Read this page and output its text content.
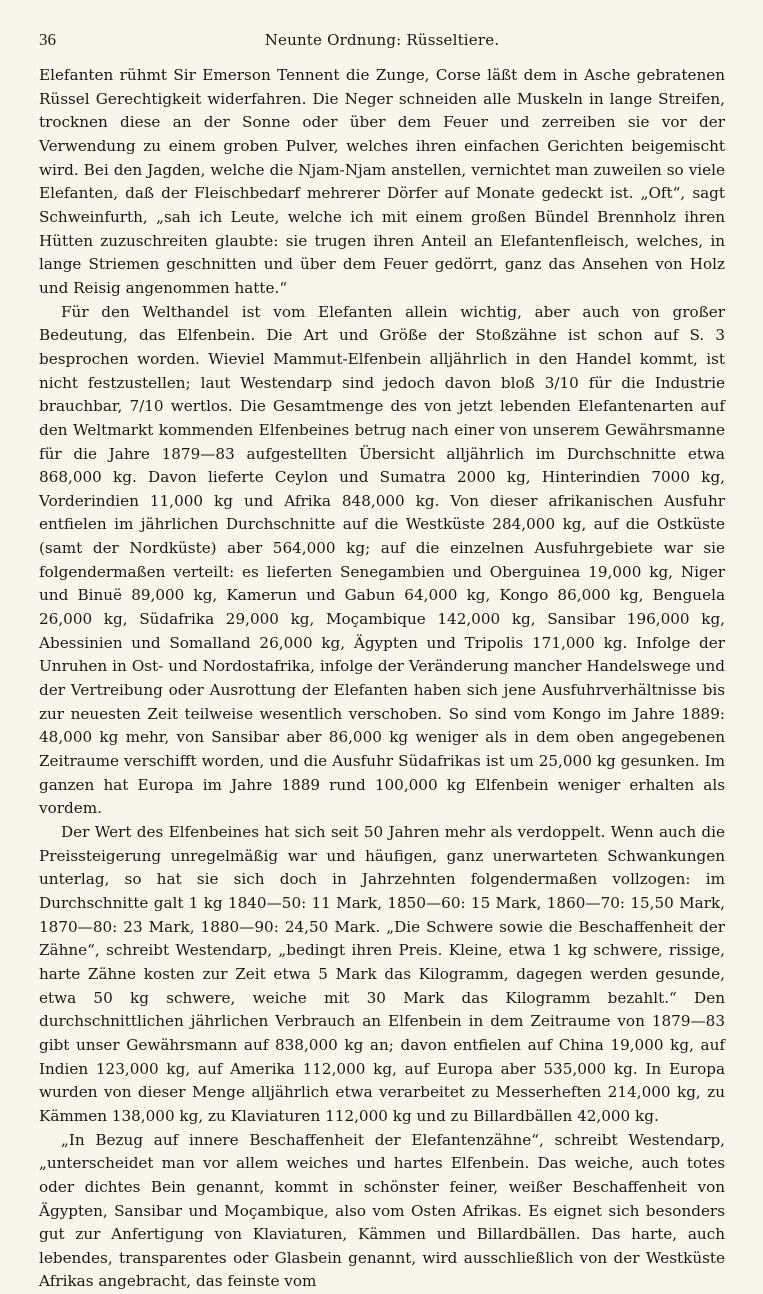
36	Neunte Ordnung: Rüsseltiere.

Elefanten rühmt Sir Emerson Tennent die Zunge, Corse läßt dem in Asche gebratenen Rüssel Gerechtigkeit widerfahren. Die Neger schneiden alle Muskeln in lange Streifen, trocknen diese an der Sonne oder über dem Feuer und zerreiben sie vor der Verwendung zu einem groben Pulver, welches ihren einfachen Gerichten beigemischt wird. Bei den Jagden, welche die Njam-Njam anstellen, vernichtet man zuweilen so viele Elefanten, daß der Fleischbedarf mehrerer Dörfer auf Monate gedeckt ist. „Oft“, sagt Schweinfurth, „sah ich Leute, welche ich mit einem großen Bündel Brennholz ihren Hütten zuzuschreiten glaubte: sie trugen ihren Anteil an Elefantenfleisch, welches, in lange Striemen geschnitten und über dem Feuer gedörrt, ganz das Ansehen von Holz und Reisig angenommen hatte.“

Für den Welthandel ist vom Elefanten allein wichtig, aber auch von großer Bedeutung, das Elfenbein. Die Art und Größe der Stoßzähne ist schon auf S. 3 besprochen worden. Wieviel Mammut-Elfenbein alljährlich in den Handel kommt, ist nicht festzustellen; laut Westendarp sind jedoch davon bloß 3/10 für die Industrie brauchbar, 7/10 wertlos. Die Gesamtmenge des von jetzt lebenden Elefantenarten auf den Weltmarkt kommenden Elfenbeines betrug nach einer von unserem Gewährsmanne für die Jahre 1879—83 aufgestellten Übersicht alljährlich im Durchschnitte etwa 868,000 kg. Davon lieferte Ceylon und Sumatra 2000 kg, Hinterindien 7000 kg, Vorderindien 11,000 kg und Afrika 848,000 kg. Von dieser afrikanischen Ausfuhr entfielen im jährlichen Durchschnitte auf die Westküste 284,000 kg, auf die Ostküste (samt der Nordküste) aber 564,000 kg; auf die einzelnen Ausfuhrgebiete war sie folgendermaßen verteilt: es lieferten Senegambien und Oberguinea 19,000 kg, Niger und Binuë 89,000 kg, Kamerun und Gabun 64,000 kg, Kongo 86,000 kg, Benguela 26,000 kg, Südafrika 29,000 kg, Moçambique 142,000 kg, Sansibar 196,000 kg, Abessinien und Somalland 26,000 kg, Ägypten und Tripolis 171,000 kg. Infolge der Unruhen in Ost- und Nordostafrika, infolge der Veränderung mancher Handelswege und der Vertreibung oder Ausrottung der Elefanten haben sich jene Ausfuhrverhältnisse bis zur neuesten Zeit teilweise wesentlich verschoben. So sind vom Kongo im Jahre 1889: 48,000 kg mehr, von Sansibar aber 86,000 kg weniger als in dem oben angegebenen Zeitraume verschifft worden, und die Ausfuhr Südafrikas ist um 25,000 kg gesunken. Im ganzen hat Europa im Jahre 1889 rund 100,000 kg Elfenbein weniger erhalten als vordem.

Der Wert des Elfenbeines hat sich seit 50 Jahren mehr als verdoppelt. Wenn auch die Preissteigerung unregelmäßig war und häufigen, ganz unerwarteten Schwankungen unterlag, so hat sie sich doch in Jahrzehnten folgendermaßen vollzogen: im Durchschnitte galt 1 kg 1840—50: 11 Mark, 1850—60: 15 Mark, 1860—70: 15,50 Mark, 1870—80: 23 Mark, 1880—90: 24,50 Mark. „Die Schwere sowie die Beschaffenheit der Zähne“, schreibt Westendarp, „bedingt ihren Preis. Kleine, etwa 1 kg schwere, rissige, harte Zähne kosten zur Zeit etwa 5 Mark das Kilogramm, dagegen werden gesunde, etwa 50 kg schwere, weiche mit 30 Mark das Kilogramm bezahlt.“ Den durchschnittlichen jährlichen Verbrauch an Elfenbein in dem Zeitraume von 1879—83 gibt unser Gewährsmann auf 838,000 kg an; davon entfielen auf China 19,000 kg, auf Indien 123,000 kg, auf Amerika 112,000 kg, auf Europa aber 535,000 kg. In Europa wurden von dieser Menge alljährlich etwa verarbeitet zu Messerheften 214,000 kg, zu Kämmen 138,000 kg, zu Klaviaturen 112,000 kg und zu Billardbällen 42,000 kg.

„In Bezug auf innere Beschaffenheit der Elefantenzähne“, schreibt Westendarp, „unterscheidet man vor allem weiches und hartes Elfenbein. Das weiche, auch totes oder dichtes Bein genannt, kommt in schönster feiner, weißer Beschaffenheit von Ägypten, Sansibar und Moçambique, also vom Osten Afrikas. Es eignet sich besonders gut zur Anfertigung von Klaviaturen, Kämmen und Billardbällen. Das harte, auch lebendes, transparentes oder Glasbein genannt, wird ausschließlich von der Westküste Afrikas angebracht, das feinste vom
